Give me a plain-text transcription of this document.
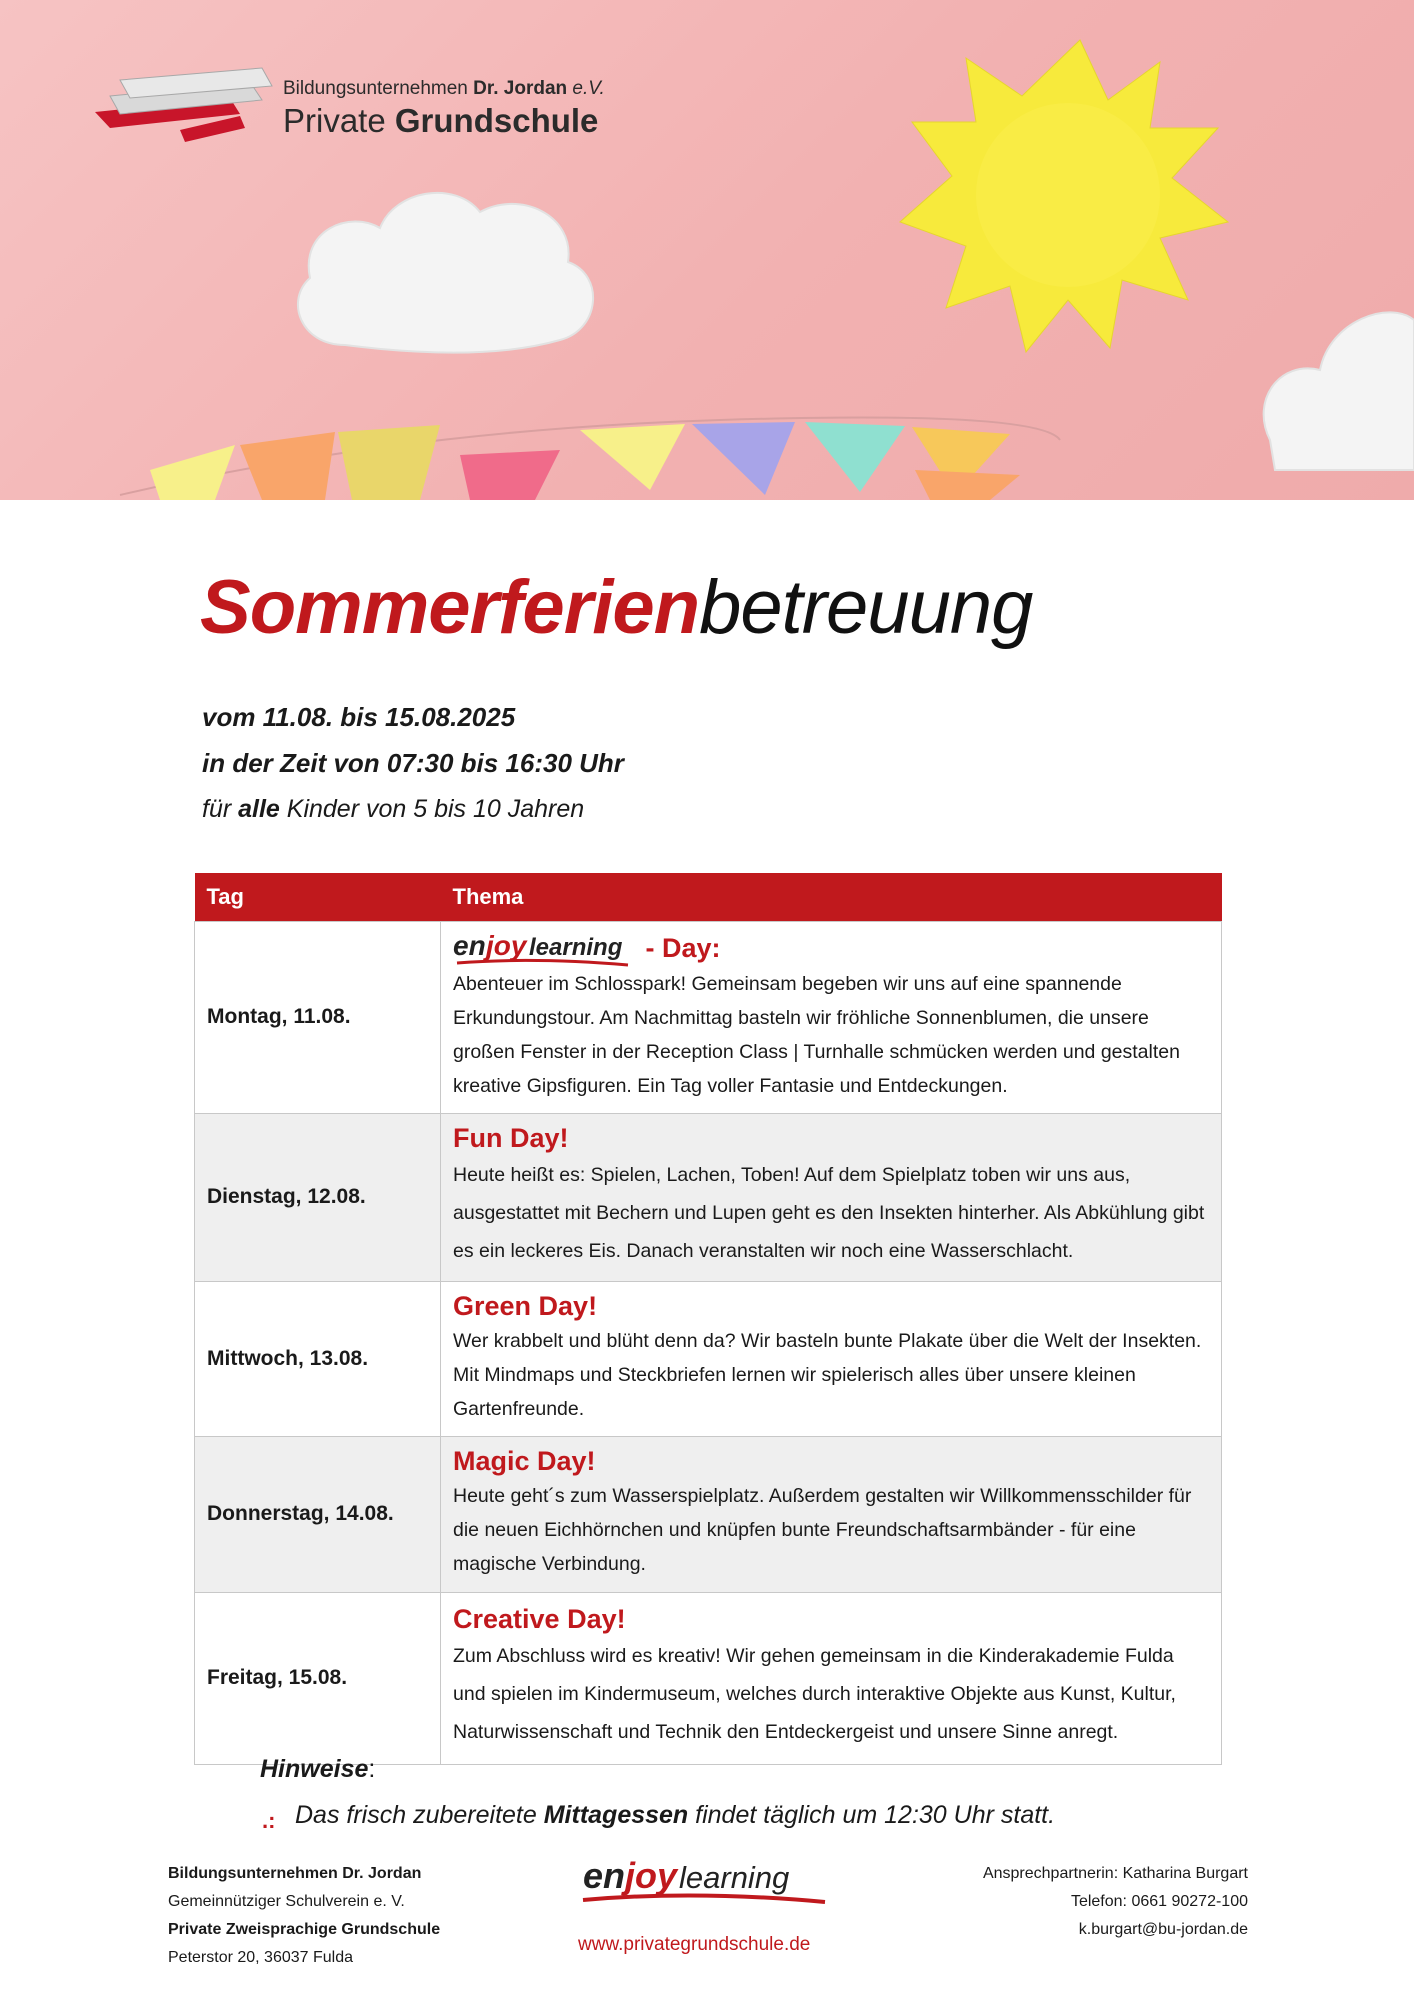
Bildungsunternehmen Dr. Jordan e.V.
Private Grundschule
Sommerferienbetreuung
vom 11.08. bis 15.08.2025
in der Zeit von 07:30 bis 16:30 Uhr
für alle Kinder von 5 bis 10 Jahren
Tag	Thema
Montag, 11.08.	en joy learning - Day:
Abenteuer im Schlosspark! Gemeinsam begeben wir uns auf eine spannende Erkundungstour. Am Nachmittag basteln wir fröhliche Sonnenblumen, die unsere großen Fenster in der Reception Class | Turnhalle schmücken werden und gestalten kreative Gipsfiguren. Ein Tag voller Fantasie und Entdeckungen.

Dienstag, 12.08.	Fun Day!
Heute heißt es: Spielen, Lachen, Toben! Auf dem Spielplatz toben wir uns aus, ausgestattet mit Bechern und Lupen geht es den Insekten hinterher. Als Abkühlung gibt es ein leckeres Eis. Danach veranstalten wir noch eine Wasserschlacht.

Mittwoch, 13.08.	Green Day!
Wer krabbelt und blüht denn da? Wir basteln bunte Plakate über die Welt der Insekten. Mit Mindmaps und Steckbriefen lernen wir spielerisch alles über unsere kleinen Gartenfreunde.

Donnerstag, 14.08.	Magic Day!
Heute geht´s zum Wasserspielplatz. Außerdem gestalten wir Willkommensschilder für die neuen Eichhörnchen und knüpfen bunte Freundschaftsarmbänder - für eine magische Verbindung.

Freitag, 15.08.	Creative Day!
Zum Abschluss wird es kreativ! Wir gehen gemeinsam in die Kinderakademie Fulda und spielen im Kindermuseum, welches durch interaktive Objekte aus Kunst, Kultur, Naturwissenschaft und Technik den Entdeckergeist und unsere Sinne anregt.
Hinweise:
.: Das frisch zubereitete Mittagessen findet täglich um 12:30 Uhr statt.
Bildungsunternehmen Dr. Jordan
Gemeinnütziger Schulverein e. V.
Private Zweisprachige Grundschule
Peterstor 20, 36037 Fulda
en joy learning
www.privategrundschule.de
Ansprechpartnerin: Katharina Burgart
Telefon: 0661 90272-100
k.burgart@bu-jordan.de
